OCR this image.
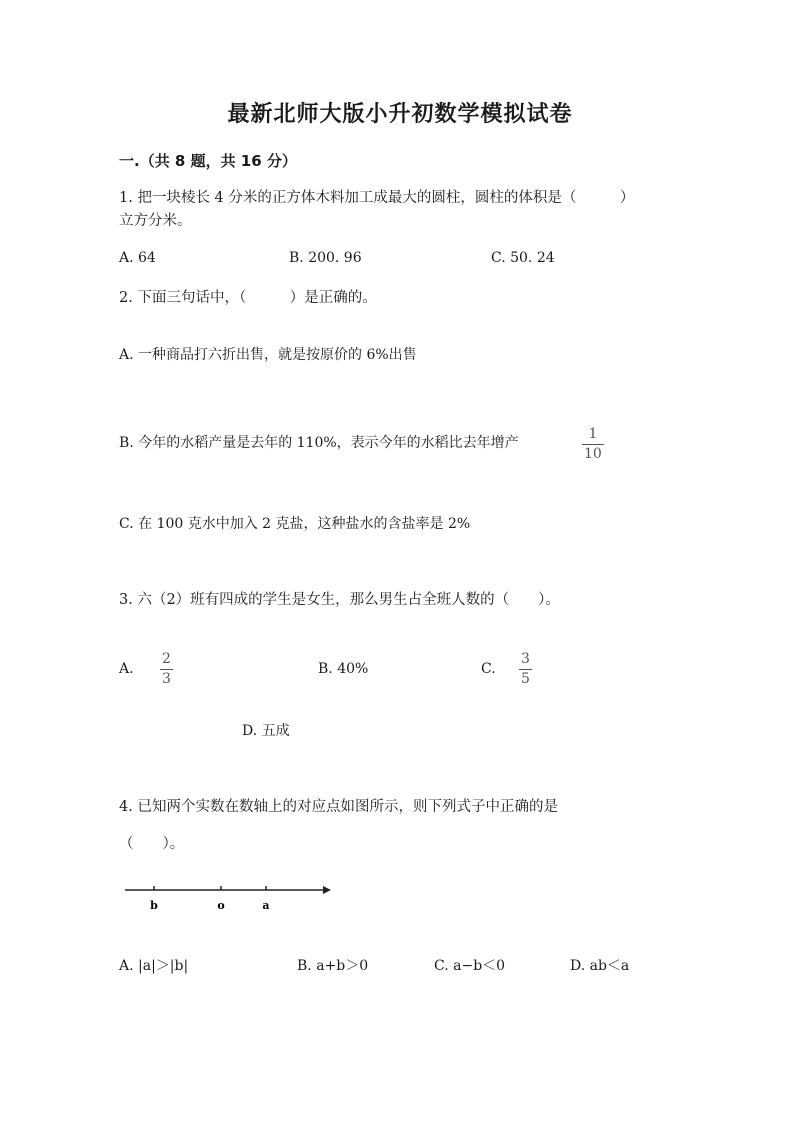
最新北师大版小升初数学模拟试卷
一.（共 8 题，共 16 分）
1. 把一块棱长 4 分米的正方体木料加工成最大的圆柱，圆柱的体积是（　　　）
立方分米。
A. 64	B. 200. 96	C. 50. 24
2. 下面三句话中，（　　　）是正确的。
A. 一种商品打六折出售，就是按原价的 6%出售
B. 今年的水稻产量是去年的 110%，表示今年的水稻比去年增产
1
10
C. 在 100 克水中加入 2 克盐，这种盐水的含盐率是 2%
3. 六（2）班有四成的学生是女生，那么男生占全班人数的（　　）。
A.
2
3
B. 40%	C.
3
5
D. 五成
4. 已知两个实数在数轴上的对应点如图所示，则下列式子中正确的是
（　　）。
b	o	a
A. |a|＞|b|	B. a+b＞0	C. a−b＜0	D. ab＜a
